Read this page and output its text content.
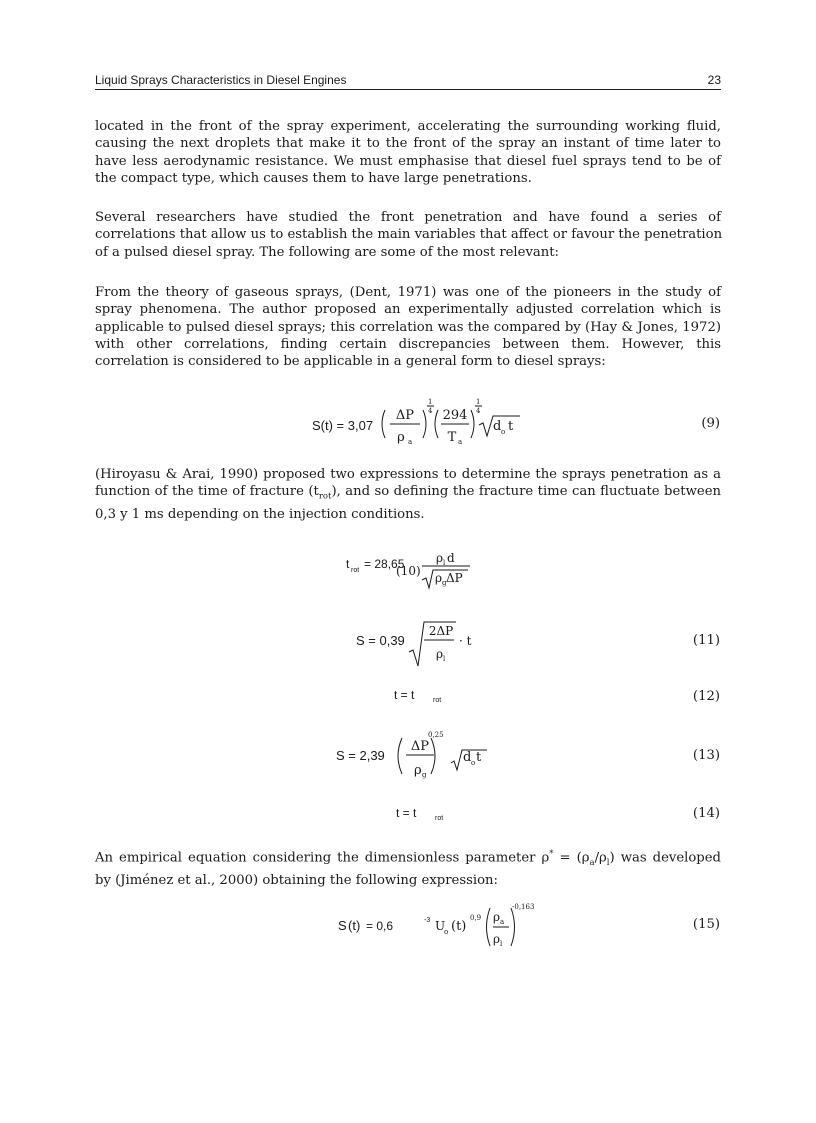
Liquid Sprays Characteristics in Diesel Engines	23
located in the front of the spray experiment, accelerating the surrounding working fluid,
causing the next droplets that make it to the front of the spray an instant of time later to
have less aerodynamic resistance. We must emphasise that diesel fuel sprays tend to be of
the compact type, which causes them to have large penetrations.
Several researchers have studied the front penetration and have found a series of
correlations that allow us to establish the main variables that affect or favour the penetration
of a pulsed diesel spray. The following are some of the most relevant:
From the theory of gaseous sprays, (Dent, 1971) was one of the pioneers in the study of
spray phenomena. The author proposed an experimentally adjusted correlation which is
applicable to pulsed diesel sprays; this correlation was the compared by (Hay & Jones, 1972)
with other correlations, finding certain discrepancies between them. However, this
correlation is considered to be applicable in a general form to diesel sprays:
S(t) = 3,07
ΔP
ρ a
1
4 294
T a
1
4
d o t	(9)
(Hiroyasu & Arai, 1990) proposed two expressions to determine the sprays penetration as a
function of the time of fracture $(t_{rot})$, and so defining the fracture time can fluctuate between
0,3 y 1 ms depending on the injection conditions.
t rot = 28,65	ρ l d
ρ g ΔP
(10)
S = 0,39
2ΔP
ρ l
· t	(11)
t = t	rot	(12)
S = 2,39
ΔP
ρ g
0,25
d o t	(13)
t = t	rot	(14)
An empirical equation considering the dimensionless parameter $\rho^* = (\rho_a/\rho_l)$ was developed
by (Jiménez et al., 2000) obtaining the following expression:
S (t) = 0,6	-3 U
o (t)
0,9 ρ a
ρ l
-0,163
(15)
